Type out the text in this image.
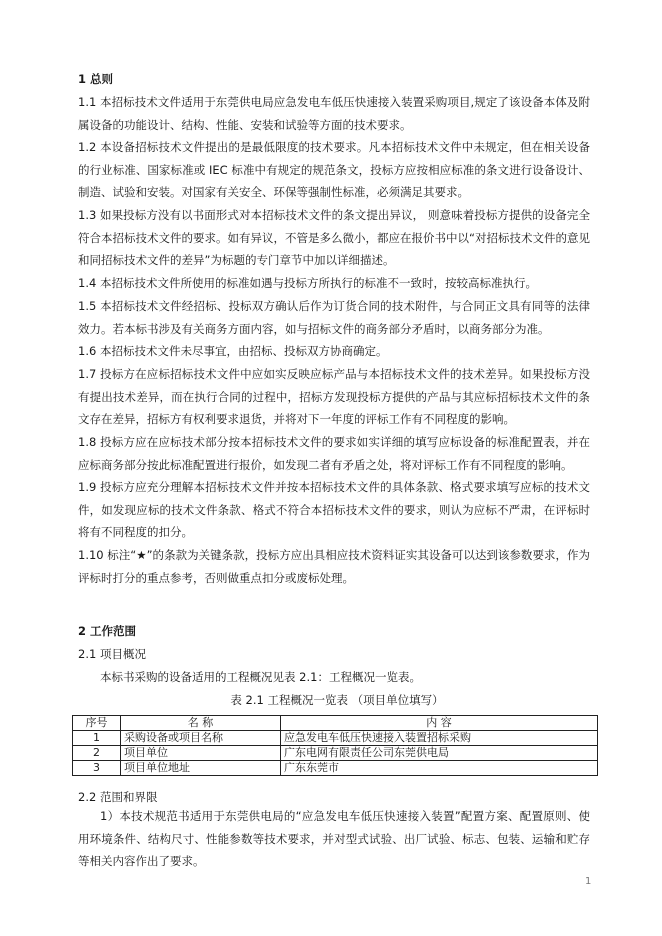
1 总则
1.1 本招标技术文件适用于东莞供电局应急发电车低压快速接入装置采购项目,规定了该设备本体及附属设备的功能设计、结构、性能、安装和试验等方面的技术要求。
1.2 本设备招标技术文件提出的是最低限度的技术要求。凡本招标技术文件中未规定，但在相关设备的行业标准、国家标准或 IEC 标准中有规定的规范条文，投标方应按相应标准的条文进行设备设计、制造、试验和安装。对国家有关安全、环保等强制性标准，必须满足其要求。
1.3 如果投标方没有以书面形式对本招标技术文件的条文提出异议， 则意味着投标方提供的设备完全符合本招标技术文件的要求。如有异议，不管是多么微小，都应在报价书中以“对招标技术文件的意见和同招标技术文件的差异”为标题的专门章节中加以详细描述。
1.4 本招标技术文件所使用的标准如遇与投标方所执行的标准不一致时，按较高标准执行。
1.5 本招标技术文件经招标、投标双方确认后作为订货合同的技术附件，与合同正文具有同等的法律效力。若本标书涉及有关商务方面内容，如与招标文件的商务部分矛盾时，以商务部分为准。
1.6 本招标技术文件未尽事宜，由招标、投标双方协商确定。
1.7 投标方在应标招标技术文件中应如实反映应标产品与本招标技术文件的技术差异。如果投标方没有提出技术差异，而在执行合同的过程中，招标方发现投标方提供的产品与其应标招标技术文件的条文存在差异，招标方有权利要求退货，并将对下一年度的评标工作有不同程度的影响。
1.8 投标方应在应标技术部分按本招标技术文件的要求如实详细的填写应标设备的标准配置表，并在应标商务部分按此标准配置进行报价，如发现二者有矛盾之处，将对评标工作有不同程度的影响。
1.9 投标方应充分理解本招标技术文件并按本招标技术文件的具体条款、格式要求填写应标的技术文件，如发现应标的技术文件条款、格式不符合本招标技术文件的要求，则认为应标不严肃，在评标时将有不同程度的扣分。
1.10 标注“★”的条款为关键条款，投标方应出具相应技术资料证实其设备可以达到该参数要求，作为评标时打分的重点参考，否则做重点扣分或废标处理。
2 工作范围
2.1 项目概况
本标书采购的设备适用的工程概况见表 2.1：工程概况一览表。
表 2.1 工程概况一览表 （项目单位填写）
序号	名 称	内 容
1	采购设备或项目名称	应急发电车低压快速接入装置招标采购
2	项目单位	广东电网有限责任公司东莞供电局
3	项目单位地址	广东东莞市
2.2 范围和界限
1）本技术规范书适用于东莞供电局的“应急发电车低压快速接入装置”配置方案、配置原则、使用环境条件、结构尺寸、性能参数等技术要求，并对型式试验、出厂试验、标志、包装、运输和贮存等相关内容作出了要求。
1
